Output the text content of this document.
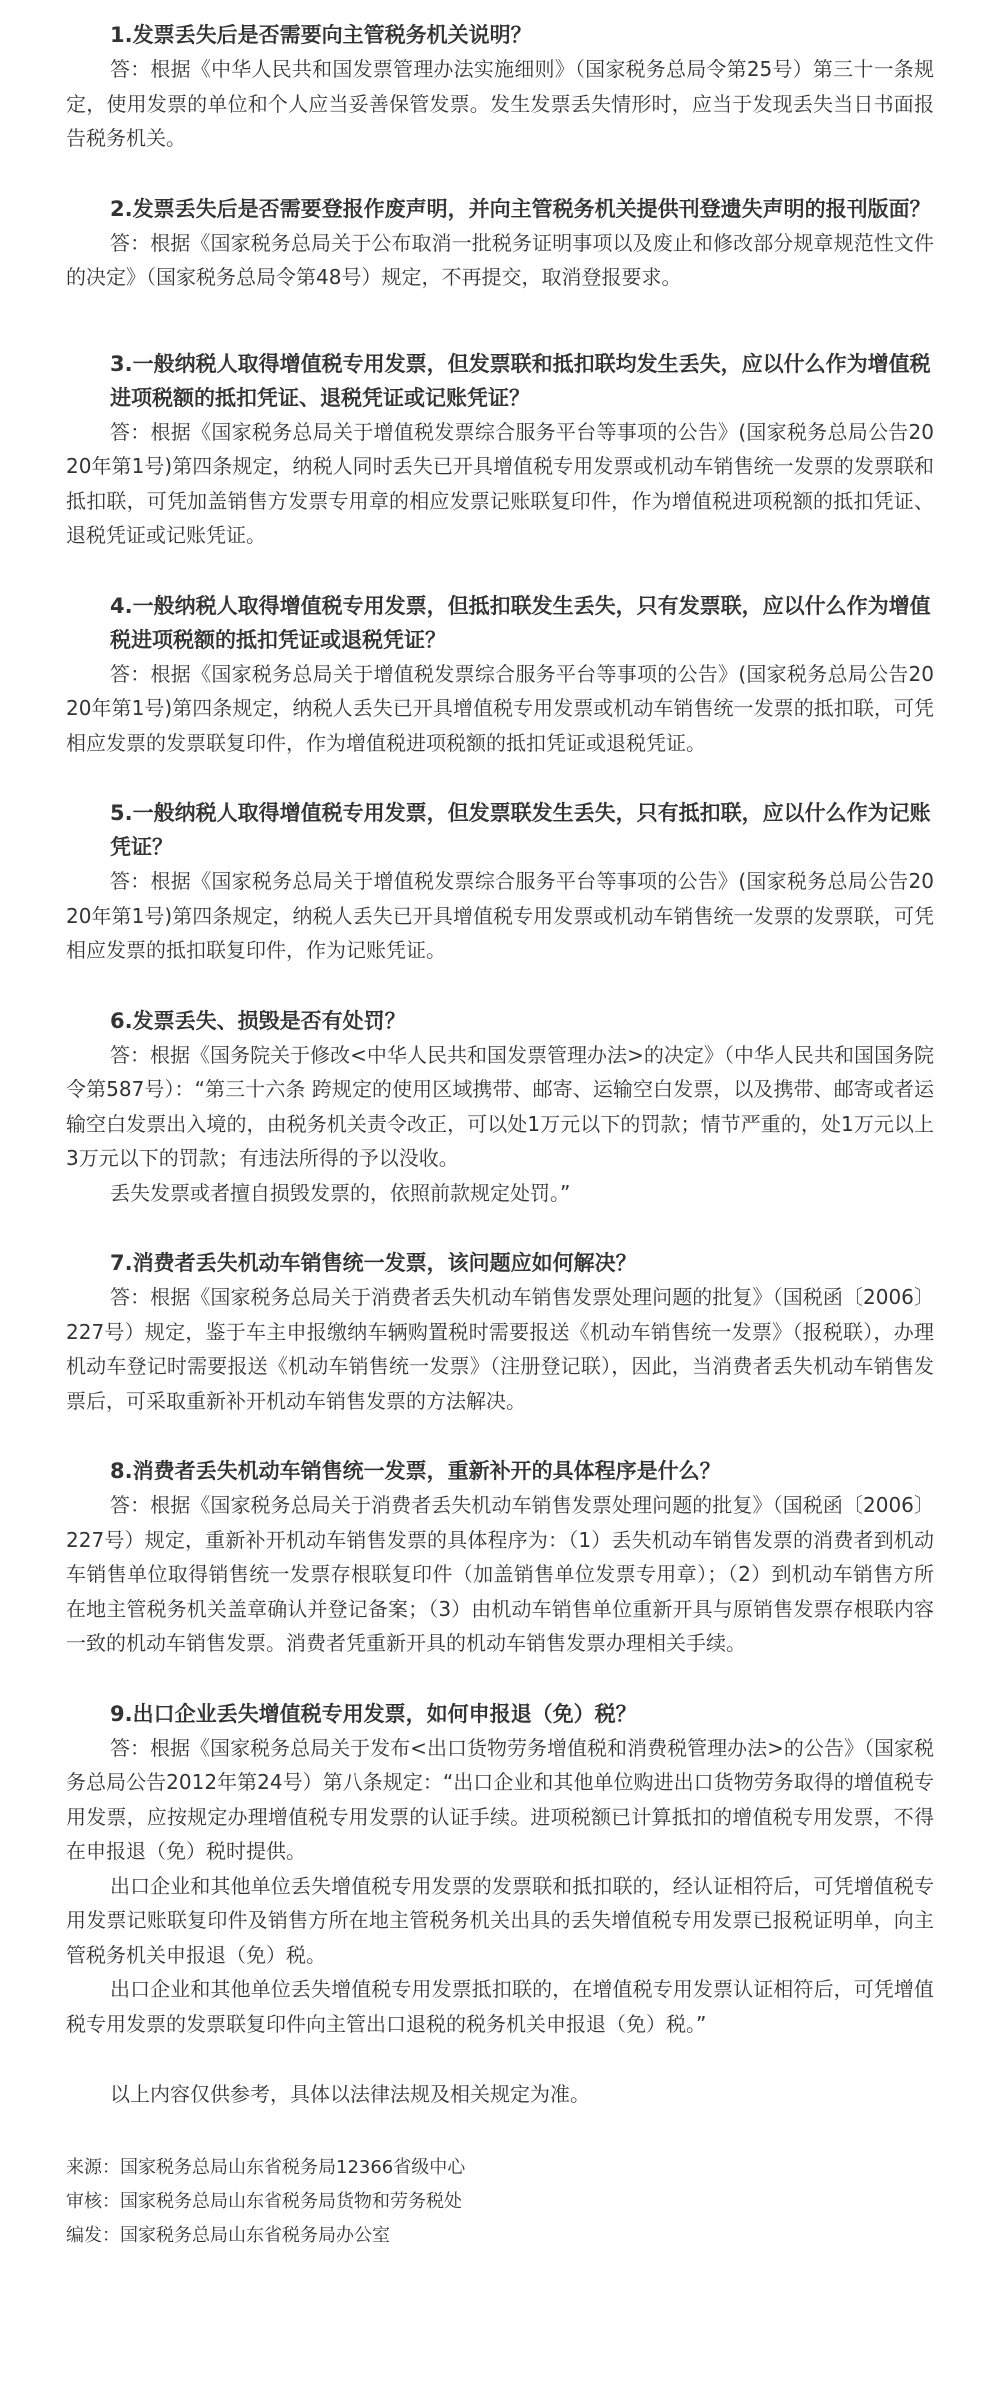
1.发票丢失后是否需要向主管税务机关说明？

答：根据《中华人民共和国发票管理办法实施细则》（国家税务总局令第25号）第三十一条规定，使用发票的单位和个人应当妥善保管发票。发生发票丢失情形时，应当于发现丢失当日书面报告税务机关。

2.发票丢失后是否需要登报作废声明，并向主管税务机关提供刊登遗失声明的报刊版面？

答：根据《国家税务总局关于公布取消一批税务证明事项以及废止和修改部分规章规范性文件的决定》（国家税务总局令第48号）规定，不再提交，取消登报要求。

3.一般纳税人取得增值税专用发票，但发票联和抵扣联均发生丢失，应以什么作为增值税进项税额的抵扣凭证、退税凭证或记账凭证？

答：根据《国家税务总局关于增值税发票综合服务平台等事项的公告》(国家税务总局公告2020年第1号)第四条规定，纳税人同时丢失已开具增值税专用发票或机动车销售统一发票的发票联和抵扣联，可凭加盖销售方发票专用章的相应发票记账联复印件，作为增值税进项税额的抵扣凭证、退税凭证或记账凭证。

4.一般纳税人取得增值税专用发票，但抵扣联发生丢失，只有发票联，应以什么作为增值税进项税额的抵扣凭证或退税凭证？

答：根据《国家税务总局关于增值税发票综合服务平台等事项的公告》(国家税务总局公告2020年第1号)第四条规定，纳税人丢失已开具增值税专用发票或机动车销售统一发票的抵扣联，可凭相应发票的发票联复印件，作为增值税进项税额的抵扣凭证或退税凭证。

5.一般纳税人取得增值税专用发票，但发票联发生丢失，只有抵扣联，应以什么作为记账凭证？

答：根据《国家税务总局关于增值税发票综合服务平台等事项的公告》(国家税务总局公告2020年第1号)第四条规定，纳税人丢失已开具增值税专用发票或机动车销售统一发票的发票联，可凭相应发票的抵扣联复印件，作为记账凭证。

6.发票丢失、损毁是否有处罚？

答：根据《国务院关于修改<中华人民共和国发票管理办法>的决定》（中华人民共和国国务院令第587号）：“第三十六条 跨规定的使用区域携带、邮寄、运输空白发票，以及携带、邮寄或者运输空白发票出入境的，由税务机关责令改正，可以处1万元以下的罚款；情节严重的，处1万元以上3万元以下的罚款；有违法所得的予以没收。

丢失发票或者擅自损毁发票的，依照前款规定处罚。”

7.消费者丢失机动车销售统一发票，该问题应如何解决？

答：根据《国家税务总局关于消费者丢失机动车销售发票处理问题的批复》（国税函〔2006〕227号）规定，鉴于车主申报缴纳车辆购置税时需要报送《机动车销售统一发票》（报税联），办理机动车登记时需要报送《机动车销售统一发票》（注册登记联），因此，当消费者丢失机动车销售发票后，可采取重新补开机动车销售发票的方法解决。

8.消费者丢失机动车销售统一发票，重新补开的具体程序是什么？

答：根据《国家税务总局关于消费者丢失机动车销售发票处理问题的批复》（国税函〔2006〕227号）规定，重新补开机动车销售发票的具体程序为：（1）丢失机动车销售发票的消费者到机动车销售单位取得销售统一发票存根联复印件（加盖销售单位发票专用章）；（2）到机动车销售方所在地主管税务机关盖章确认并登记备案；（3）由机动车销售单位重新开具与原销售发票存根联内容一致的机动车销售发票。消费者凭重新开具的机动车销售发票办理相关手续。

9.出口企业丢失增值税专用发票，如何申报退（免）税？

答：根据《国家税务总局关于发布<出口货物劳务增值税和消费税管理办法>的公告》（国家税务总局公告2012年第24号）第八条规定：“出口企业和其他单位购进出口货物劳务取得的增值税专用发票，应按规定办理增值税专用发票的认证手续。进项税额已计算抵扣的增值税专用发票，不得在申报退（免）税时提供。

出口企业和其他单位丢失增值税专用发票的发票联和抵扣联的，经认证相符后，可凭增值税专用发票记账联复印件及销售方所在地主管税务机关出具的丢失增值税专用发票已报税证明单，向主管税务机关申报退（免）税。

出口企业和其他单位丢失增值税专用发票抵扣联的，在增值税专用发票认证相符后，可凭增值税专用发票的发票联复印件向主管出口退税的税务机关申报退（免）税。”

以上内容仅供参考，具体以法律法规及相关规定为准。

来源：国家税务总局山东省税务局12366省级中心

审核：国家税务总局山东省税务局货物和劳务税处

编发：国家税务总局山东省税务局办公室
